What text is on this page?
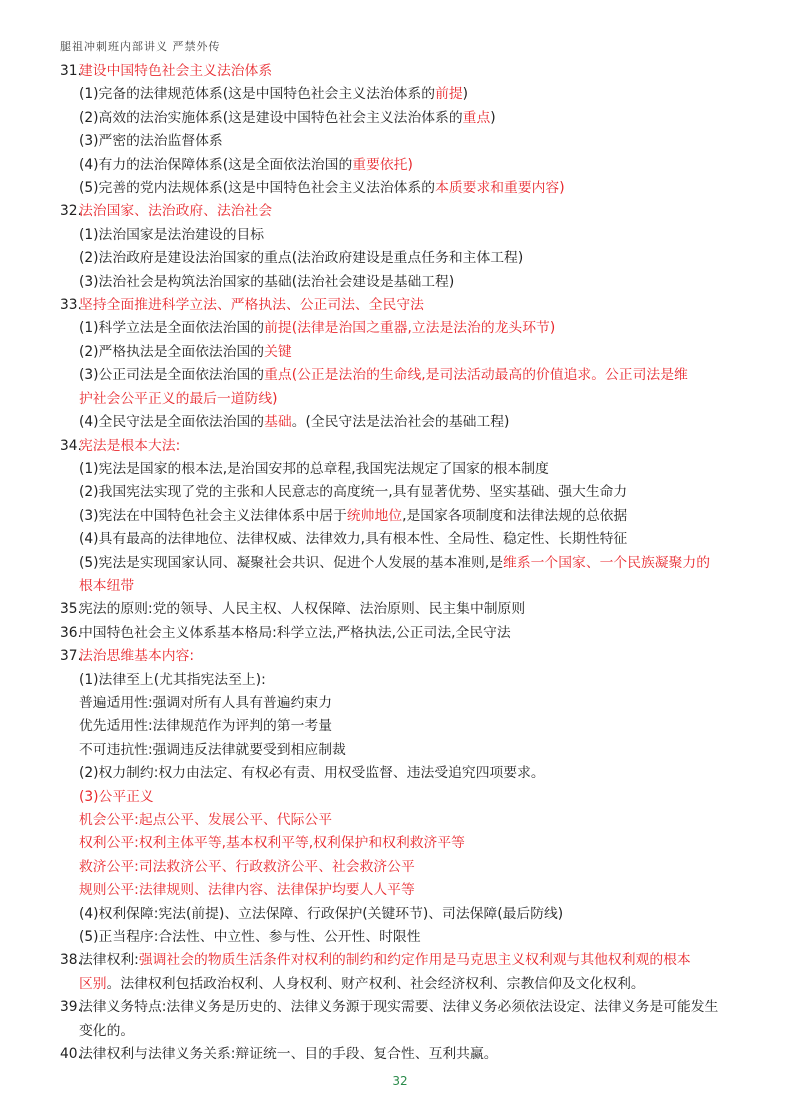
腿祖冲刺班内部讲义 严禁外传
31.建设中国特色社会主义法治体系
(1)完备的法律规范体系(这是中国特色社会主义法治体系的前提)
(2)高效的法治实施体系(这是建设中国特色社会主义法治体系的重点)
(3)严密的法治监督体系
(4)有力的法治保障体系(这是全面依法治国的重要依托)
(5)完善的党内法规体系(这是中国特色社会主义法治体系的本质要求和重要内容)
32.法治国家、法治政府、法治社会
(1)法治国家是法治建设的目标
(2)法治政府是建设法治国家的重点(法治政府建设是重点任务和主体工程)
(3)法治社会是构筑法治国家的基础(法治社会建设是基础工程)
33.坚持全面推进科学立法、严格执法、公正司法、全民守法
(1)科学立法是全面依法治国的前提(法律是治国之重器,立法是法治的龙头环节)
(2)严格执法是全面依法治国的关键
(3)公正司法是全面依法治国的重点(公正是法治的生命线,是司法活动最高的价值追求。公正司法是维
护社会公平正义的最后一道防线)
(4)全民守法是全面依法治国的基础。(全民守法是法治社会的基础工程)
34.宪法是根本大法:
(1)宪法是国家的根本法,是治国安邦的总章程,我国宪法规定了国家的根本制度
(2)我国宪法实现了党的主张和人民意志的高度统一,具有显著优势、坚实基础、强大生命力
(3)宪法在中国特色社会主义法律体系中居于统帅地位,是国家各项制度和法律法规的总依据
(4)具有最高的法律地位、法律权威、法律效力,具有根本性、全局性、稳定性、长期性特征
(5)宪法是实现国家认同、凝聚社会共识、促进个人发展的基本准则,是维系一个国家、一个民族凝聚力的
根本纽带
35.宪法的原则:党的领导、人民主权、人权保障、法治原则、民主集中制原则
36.中国特色社会主义体系基本格局:科学立法,严格执法,公正司法,全民守法
37.法治思维基本内容:
(1)法律至上(尤其指宪法至上):
普遍适用性:强调对所有人具有普遍约束力
优先适用性:法律规范作为评判的第一考量
不可违抗性:强调违反法律就要受到相应制裁
(2)权力制约:权力由法定、有权必有责、用权受监督、违法受追究四项要求。
(3)公平正义
机会公平:起点公平、发展公平、代际公平
权利公平:权利主体平等,基本权利平等,权利保护和权利救济平等
救济公平:司法救济公平、行政救济公平、社会救济公平
规则公平:法律规则、法律内容、法律保护均要人人平等
(4)权利保障:宪法(前提)、立法保障、行政保护(关键环节)、司法保障(最后防线)
(5)正当程序:合法性、中立性、参与性、公开性、时限性
38.法律权利:强调社会的物质生活条件对权利的制约和约定作用是马克思主义权利观与其他权利观的根本
区别。法律权利包括政治权利、人身权利、财产权利、社会经济权利、宗教信仰及文化权利。
39.法律义务特点:法律义务是历史的、法律义务源于现实需要、法律义务必须依法设定、法律义务是可能发生
变化的。
40.法律权利与法律义务关系:辩证统一、目的手段、复合性、互利共赢。
32
